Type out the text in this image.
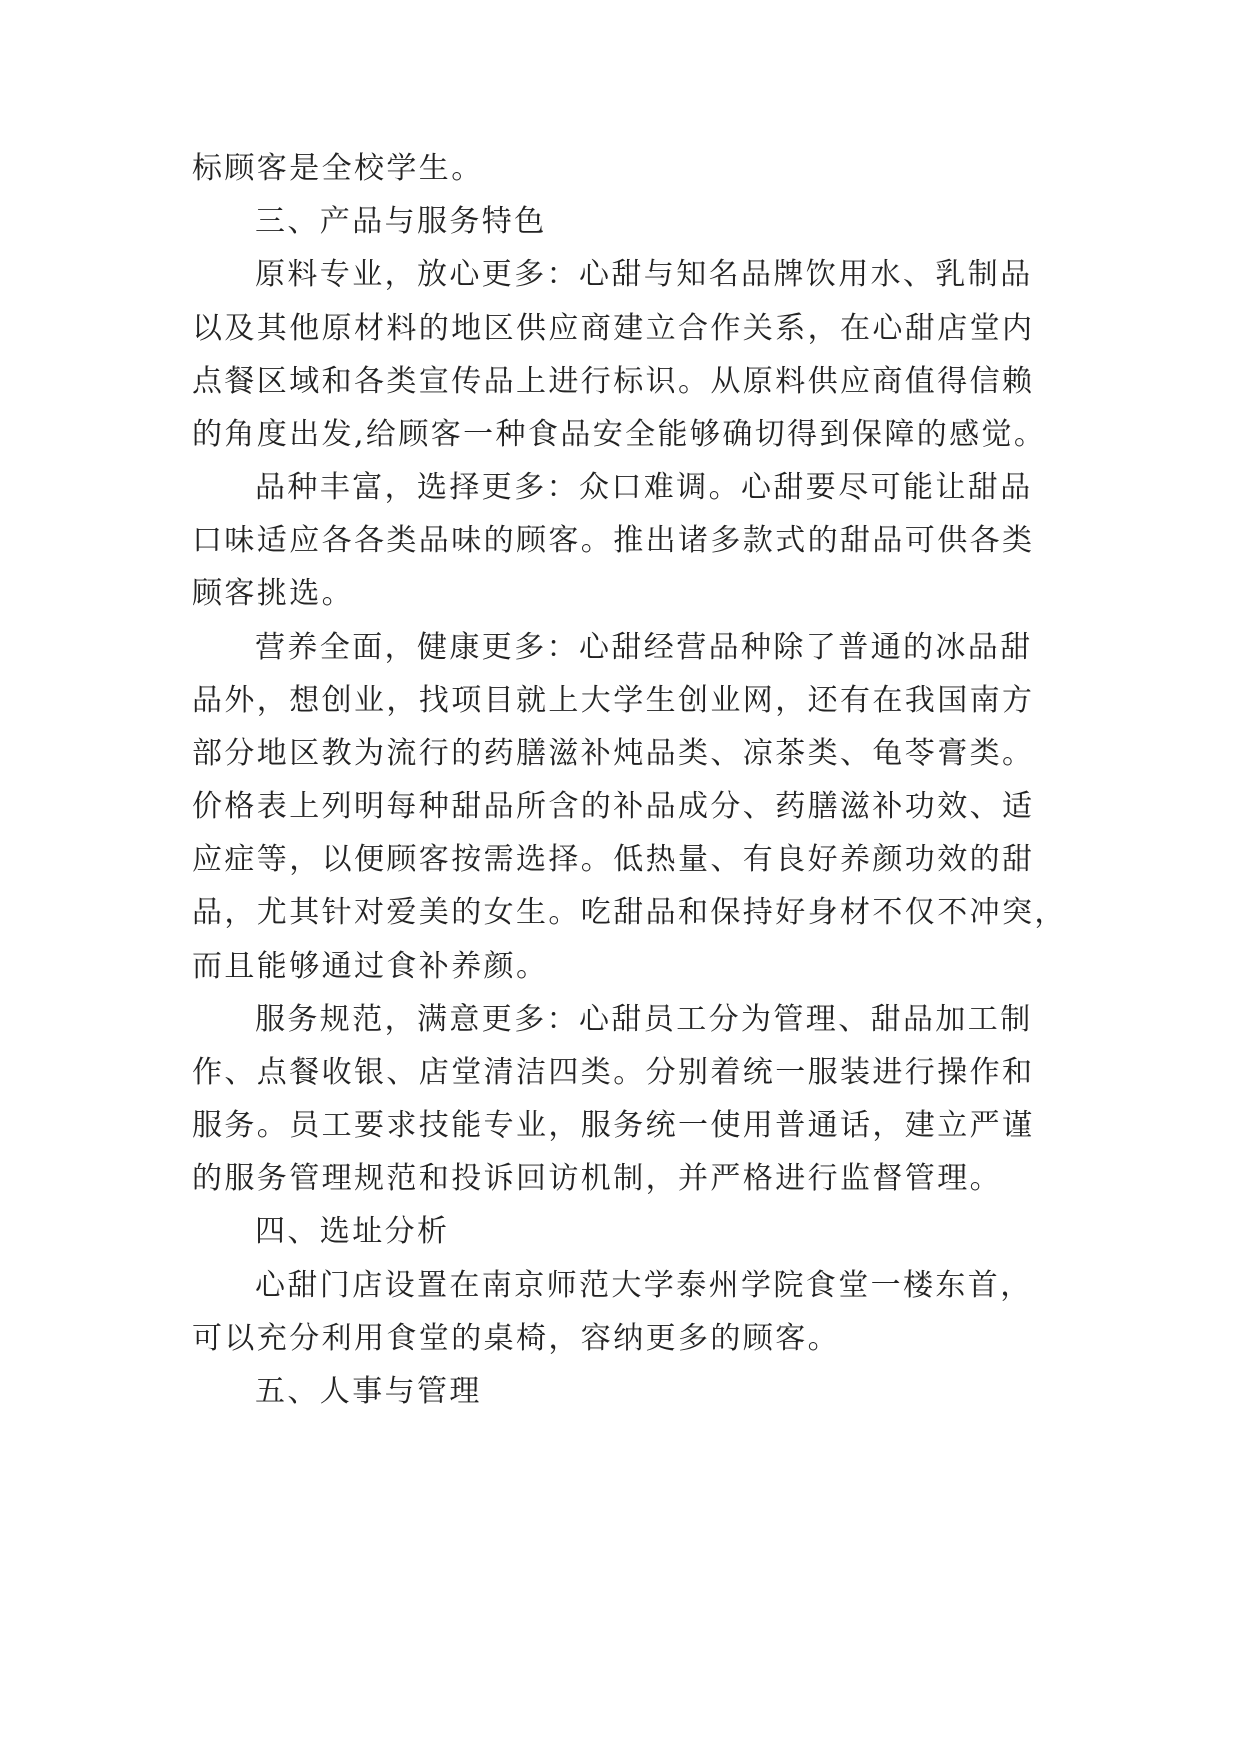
标顾客是全校学生。
三、产品与服务特色
原料专业，放心更多：心甜与知名品牌饮用水、乳制品
以及其他原材料的地区供应商建立合作关系，在心甜店堂内
点餐区域和各类宣传品上进行标识。从原料供应商值得信赖
的角度出发,给顾客一种食品安全能够确切得到保障的感觉。
品种丰富，选择更多：众口难调。心甜要尽可能让甜品
口味适应各各类品味的顾客。推出诸多款式的甜品可供各类
顾客挑选。
营养全面，健康更多：心甜经营品种除了普通的冰品甜
品外，想创业，找项目就上大学生创业网，还有在我国南方
部分地区教为流行的药膳滋补炖品类、凉茶类、龟苓膏类。
价格表上列明每种甜品所含的补品成分、药膳滋补功效、适
应症等，以便顾客按需选择。低热量、有良好养颜功效的甜
品，尤其针对爱美的女生。吃甜品和保持好身材不仅不冲突，
而且能够通过食补养颜。
服务规范，满意更多：心甜员工分为管理、甜品加工制
作、点餐收银、店堂清洁四类。分别着统一服装进行操作和
服务。员工要求技能专业，服务统一使用普通话，建立严谨
的服务管理规范和投诉回访机制，并严格进行监督管理。
四、选址分析
心甜门店设置在南京师范大学泰州学院食堂一楼东首，
可以充分利用食堂的桌椅，容纳更多的顾客。
五、人事与管理
